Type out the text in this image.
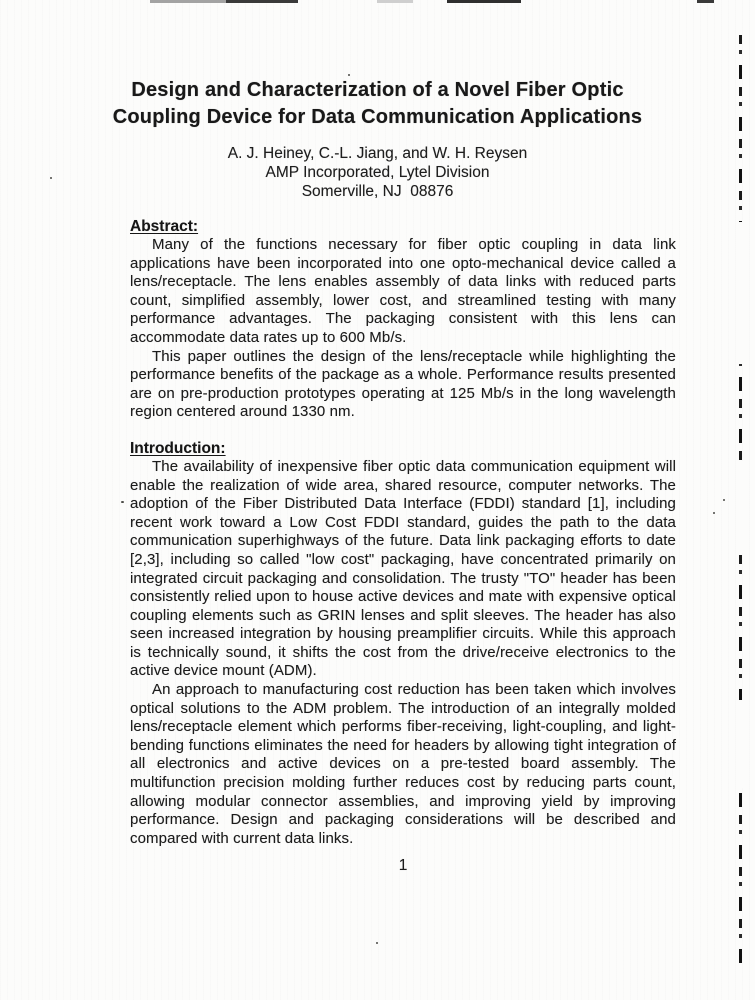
Design and Characterization of a Novel Fiber Optic
Coupling Device for Data Communication Applications
A. J. Heiney, C.-L. Jiang, and W. H. Reysen
AMP Incorporated, Lytel Division
Somerville, NJ  08876
Abstract:

Many of the functions necessary for fiber optic coupling in data link applications have been incorporated into one opto-mechanical device called a lens/receptacle. The lens enables assembly of data links with reduced parts count, simplified assembly, lower cost, and streamlined testing with many performance advantages. The packaging consistent with this lens can accommodate data rates up to 600 Mb/s.

This paper outlines the design of the lens/receptacle while highlighting the performance benefits of the package as a whole. Performance results presented are on pre-production prototypes operating at 125 Mb/s in the long wavelength region centered around 1330 nm.

Introduction:

The availability of inexpensive fiber optic data communication equipment will enable the realization of wide area, shared resource, computer networks. The adoption of the Fiber Distributed Data Interface (FDDI) standard [1], including recent work toward a Low Cost FDDI standard, guides the path to the data communication superhighways of the future. Data link packaging efforts to date [2,3], including so called "low cost" packaging, have concentrated primarily on integrated circuit packaging and consolidation. The trusty "TO" header has been consistently relied upon to house active devices and mate with expensive optical coupling elements such as GRIN lenses and split sleeves. The header has also seen increased integration by housing preamplifier circuits. While this approach is technically sound, it shifts the cost from the drive/receive electronics to the active device mount (ADM).

An approach to manufacturing cost reduction has been taken which involves optical solutions to the ADM problem. The introduction of an integrally molded lens/receptacle element which performs fiber-receiving, light-coupling, and light-bending functions eliminates the need for headers by allowing tight integration of all electronics and active devices on a pre-tested board assembly. The multifunction precision molding further reduces cost by reducing parts count, allowing modular connector assemblies, and improving yield by improving performance. Design and packaging considerations will be described and compared with current data links.

1
